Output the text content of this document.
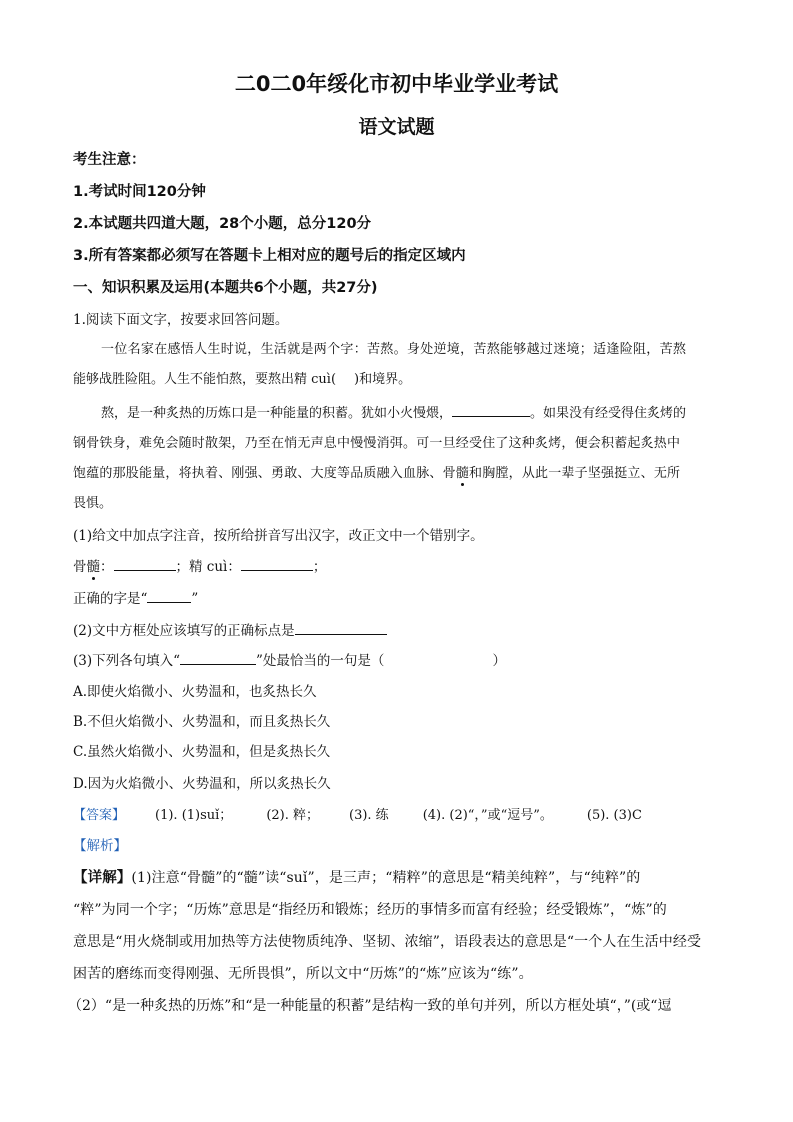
二0二0年绥化市初中毕业学业考试
语文试题
考生注意：
1.考试时间120分钟
2.本试题共四道大题，28个小题，总分120分
3.所有答案都必须写在答题卡上相对应的题号后的指定区域内
一、知识积累及运用(本题共6个小题，共27分)
1.阅读下面文字，按要求回答问题。
一位名家在感悟人生时说，生活就是两个字：苦熬。身处逆境，苦熬能够越过迷境；适逢险阻，苦熬
能够战胜险阻。人生不能怕熬，要熬出精 cuì( )和境界。
熬，是一种炙热的历炼口是一种能量的积蓄。犹如小火慢煨，	。如果没有经受得住炙烤的
钢骨铁身，难免会随时散架，乃至在悄无声息中慢慢消弭。可一旦经受住了这种炙烤，便会积蓄起炙热中
饱蕴的那股能量，将执着、刚强、勇敢、大度等品质融入血脉、骨髓和胸膛，从此一辈子坚强挺立、无所
畏惧。
(1)给文中加点字注音，按所给拼音写出汉字，改正文中一个错别字。
骨髓：	；精 cuì：	；
正确的字是“	”
(2)文中方框处应该填写的正确标点是
(3)下列各句填入“	”处最恰当的一句是（	）
A.即使火焰微小、火势温和，也炙热长久
B.不但火焰微小、火势温和，而且炙热长久
C.虽然火焰微小、火势温和，但是炙热长久
D.因为火焰微小、火势温和，所以炙热长久
【答案】 (1). (1)suǐ；	(2). 粹； (3). 练	(4). (2)“，”或“逗号”。	(5). (3)C
【解析】
【详解】(1)注意“骨髓”的“髓”读“suǐ”，是三声；“精粹”的意思是“精美纯粹”，与“纯粹”的
“粹”为同一个字；“历炼”意思是“指经历和锻炼；经历的事情多而富有经验；经受锻炼”，“炼”的
意思是“用火烧制或用加热等方法使物质纯净、坚韧、浓缩”，语段表达的意思是“一个人在生活中经受
困苦的磨练而变得刚强、无所畏惧”，所以文中“历炼”的“炼”应该为“练”。
（2）“是一种炙热的历炼”和“是一种能量的积蓄”是结构一致的单句并列，所以方框处填“，”(或“逗
